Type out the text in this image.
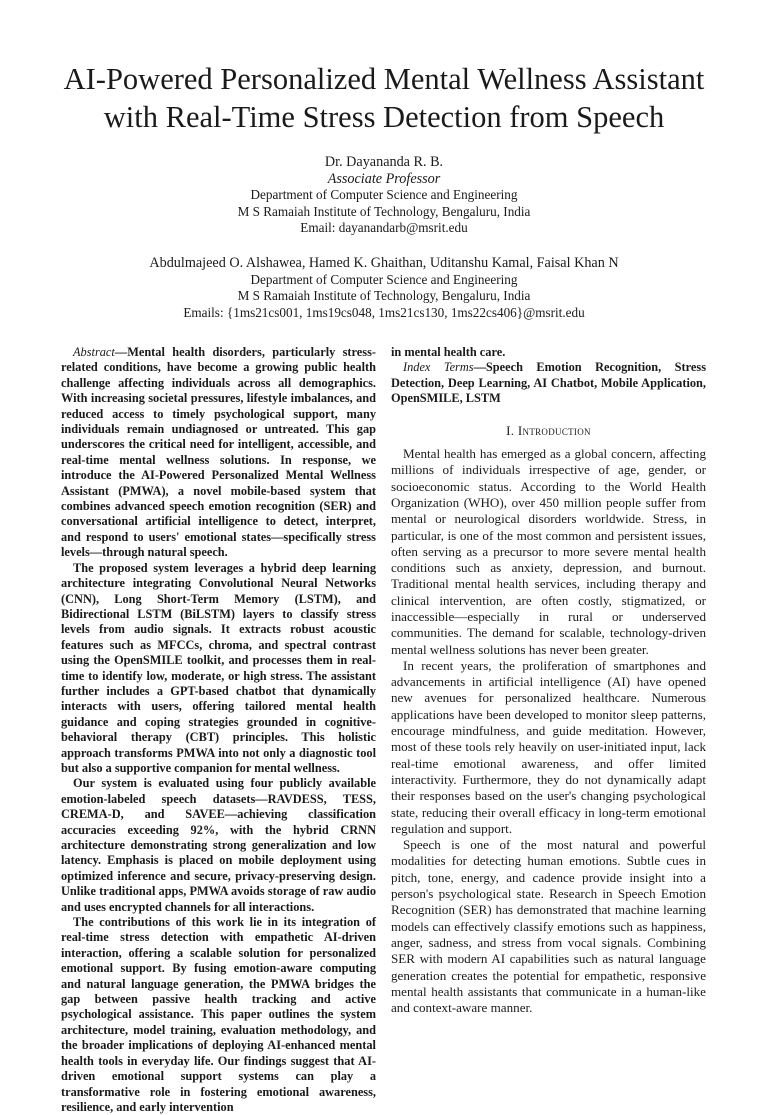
AI-Powered Personalized Mental Wellness Assistant
with Real-Time Stress Detection from Speech
Dr. Dayananda R. B.
Associate Professor
Department of Computer Science and Engineering
M S Ramaiah Institute of Technology, Bengaluru, India
Email: dayanandarb@msrit.edu
Abdulmajeed O. Alshawea, Hamed K. Ghaithan, Uditanshu Kamal, Faisal Khan N
Department of Computer Science and Engineering
M S Ramaiah Institute of Technology, Bengaluru, India
Emails: {1ms21cs001, 1ms19cs048, 1ms21cs130, 1ms22cs406}@msrit.edu

Abstract—Mental health disorders, particularly stress-related conditions, have become a growing public health challenge affecting individuals across all demographics. With increasing societal pressures, lifestyle imbalances, and reduced access to timely psychological support, many individuals remain undiagnosed or untreated. This gap underscores the critical need for intelligent, accessible, and real-time mental wellness solutions. In response, we introduce the AI-Powered Personalized Mental Wellness Assistant (PMWA), a novel mobile-based system that combines advanced speech emotion recognition (SER) and conversational artificial intelligence to detect, interpret, and respond to users' emotional states—specifically stress levels—through natural speech.

The proposed system leverages a hybrid deep learning architecture integrating Convolutional Neural Networks (CNN), Long Short-Term Memory (LSTM), and Bidirectional LSTM (BiLSTM) layers to classify stress levels from audio signals. It extracts robust acoustic features such as MFCCs, chroma, and spectral contrast using the OpenSMILE toolkit, and processes them in real-time to identify low, moderate, or high stress. The assistant further includes a GPT-based chatbot that dynamically interacts with users, offering tailored mental health guidance and coping strategies grounded in cognitive-behavioral therapy (CBT) principles. This holistic approach transforms PMWA into not only a diagnostic tool but also a supportive companion for mental wellness.

Our system is evaluated using four publicly available emotion-labeled speech datasets—RAVDESS, TESS, CREMA-D, and SAVEE—achieving classification accuracies exceeding 92%, with the hybrid CRNN architecture demonstrating strong generalization and low latency. Emphasis is placed on mobile deployment using optimized inference and secure, privacy-preserving design. Unlike traditional apps, PMWA avoids storage of raw audio and uses encrypted channels for all interactions.

The contributions of this work lie in its integration of real-time stress detection with empathetic AI-driven interaction, offering a scalable solution for personalized emotional support. By fusing emotion-aware computing and natural language generation, the PMWA bridges the gap between passive health tracking and active psychological assistance. This paper outlines the system architecture, model training, evaluation methodology, and the broader implications of deploying AI-enhanced mental health tools in everyday life. Our findings suggest that AI-driven emotional support systems can play a transformative role in fostering emotional awareness, resilience, and early intervention

in mental health care.

Index Terms—Speech Emotion Recognition, Stress Detection, Deep Learning, AI Chatbot, Mobile Application, OpenSMILE, LSTM

I. Introduction

Mental health has emerged as a global concern, affecting millions of individuals irrespective of age, gender, or socioeconomic status. According to the World Health Organization (WHO), over 450 million people suffer from mental or neurological disorders worldwide. Stress, in particular, is one of the most common and persistent issues, often serving as a precursor to more severe mental health conditions such as anxiety, depression, and burnout. Traditional mental health services, including therapy and clinical intervention, are often costly, stigmatized, or inaccessible—especially in rural or underserved communities. The demand for scalable, technology-driven mental wellness solutions has never been greater.

In recent years, the proliferation of smartphones and advancements in artificial intelligence (AI) have opened new avenues for personalized healthcare. Numerous applications have been developed to monitor sleep patterns, encourage mindfulness, and guide meditation. However, most of these tools rely heavily on user-initiated input, lack real-time emotional awareness, and offer limited interactivity. Furthermore, they do not dynamically adapt their responses based on the user's changing psychological state, reducing their overall efficacy in long-term emotional regulation and support.

Speech is one of the most natural and powerful modalities for detecting human emotions. Subtle cues in pitch, tone, energy, and cadence provide insight into a person's psychological state. Research in Speech Emotion Recognition (SER) has demonstrated that machine learning models can effectively classify emotions such as happiness, anger, sadness, and stress from vocal signals. Combining SER with modern AI capabilities such as natural language generation creates the potential for empathetic, responsive mental health assistants that communicate in a human-like and context-aware manner.
